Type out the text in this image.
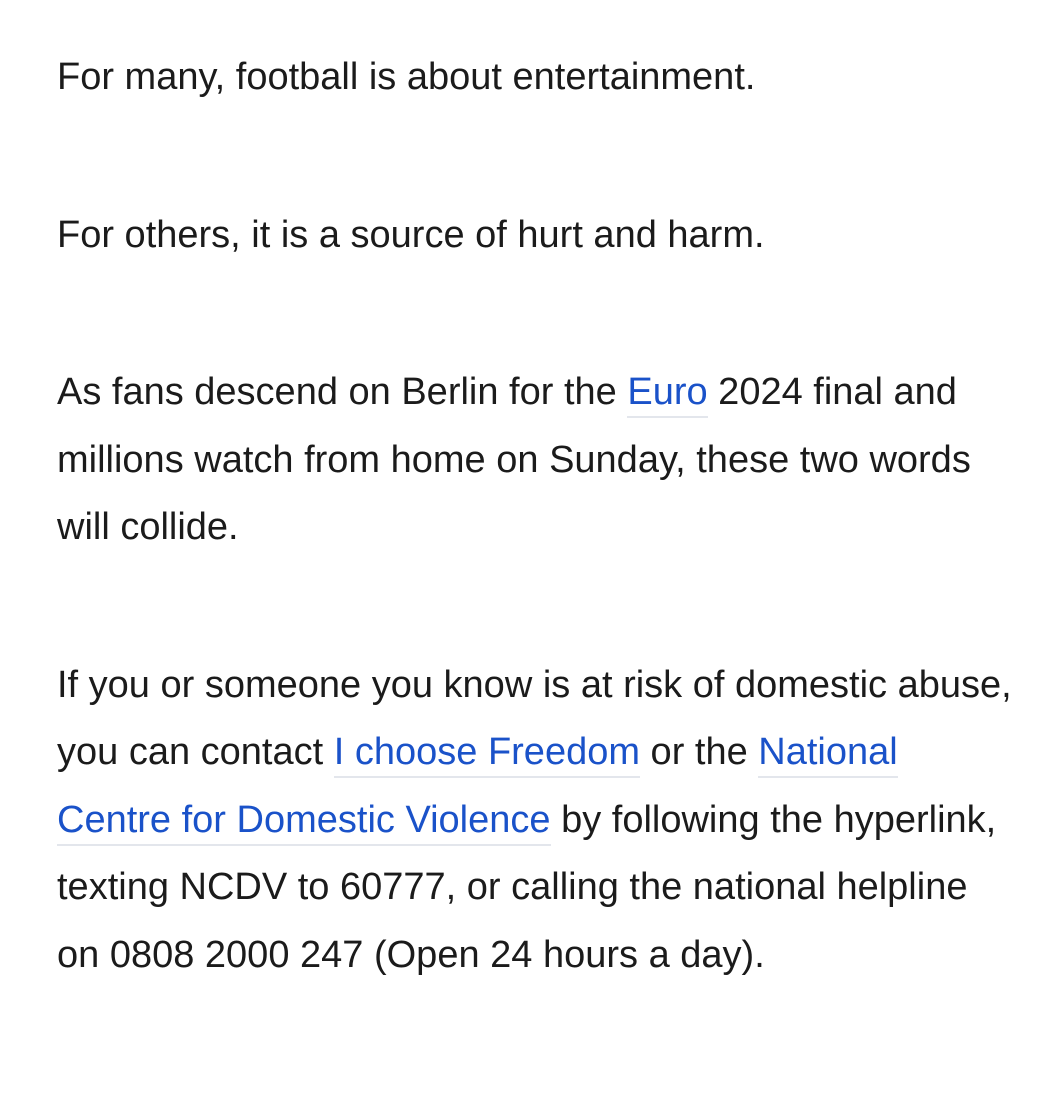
For many, football is about entertainment.

For others, it is a source of hurt and harm.

As fans descend on Berlin for the Euro 2024 final and millions watch from home on Sunday, these two words will collide.

If you or someone you know is at risk of domestic abuse, you can contact I choose Freedom or the National Centre for Domestic Violence by following the hyperlink, texting NCDV to 60777, or calling the national helpline on 0808 2000 247 (Open 24 hours a day).
